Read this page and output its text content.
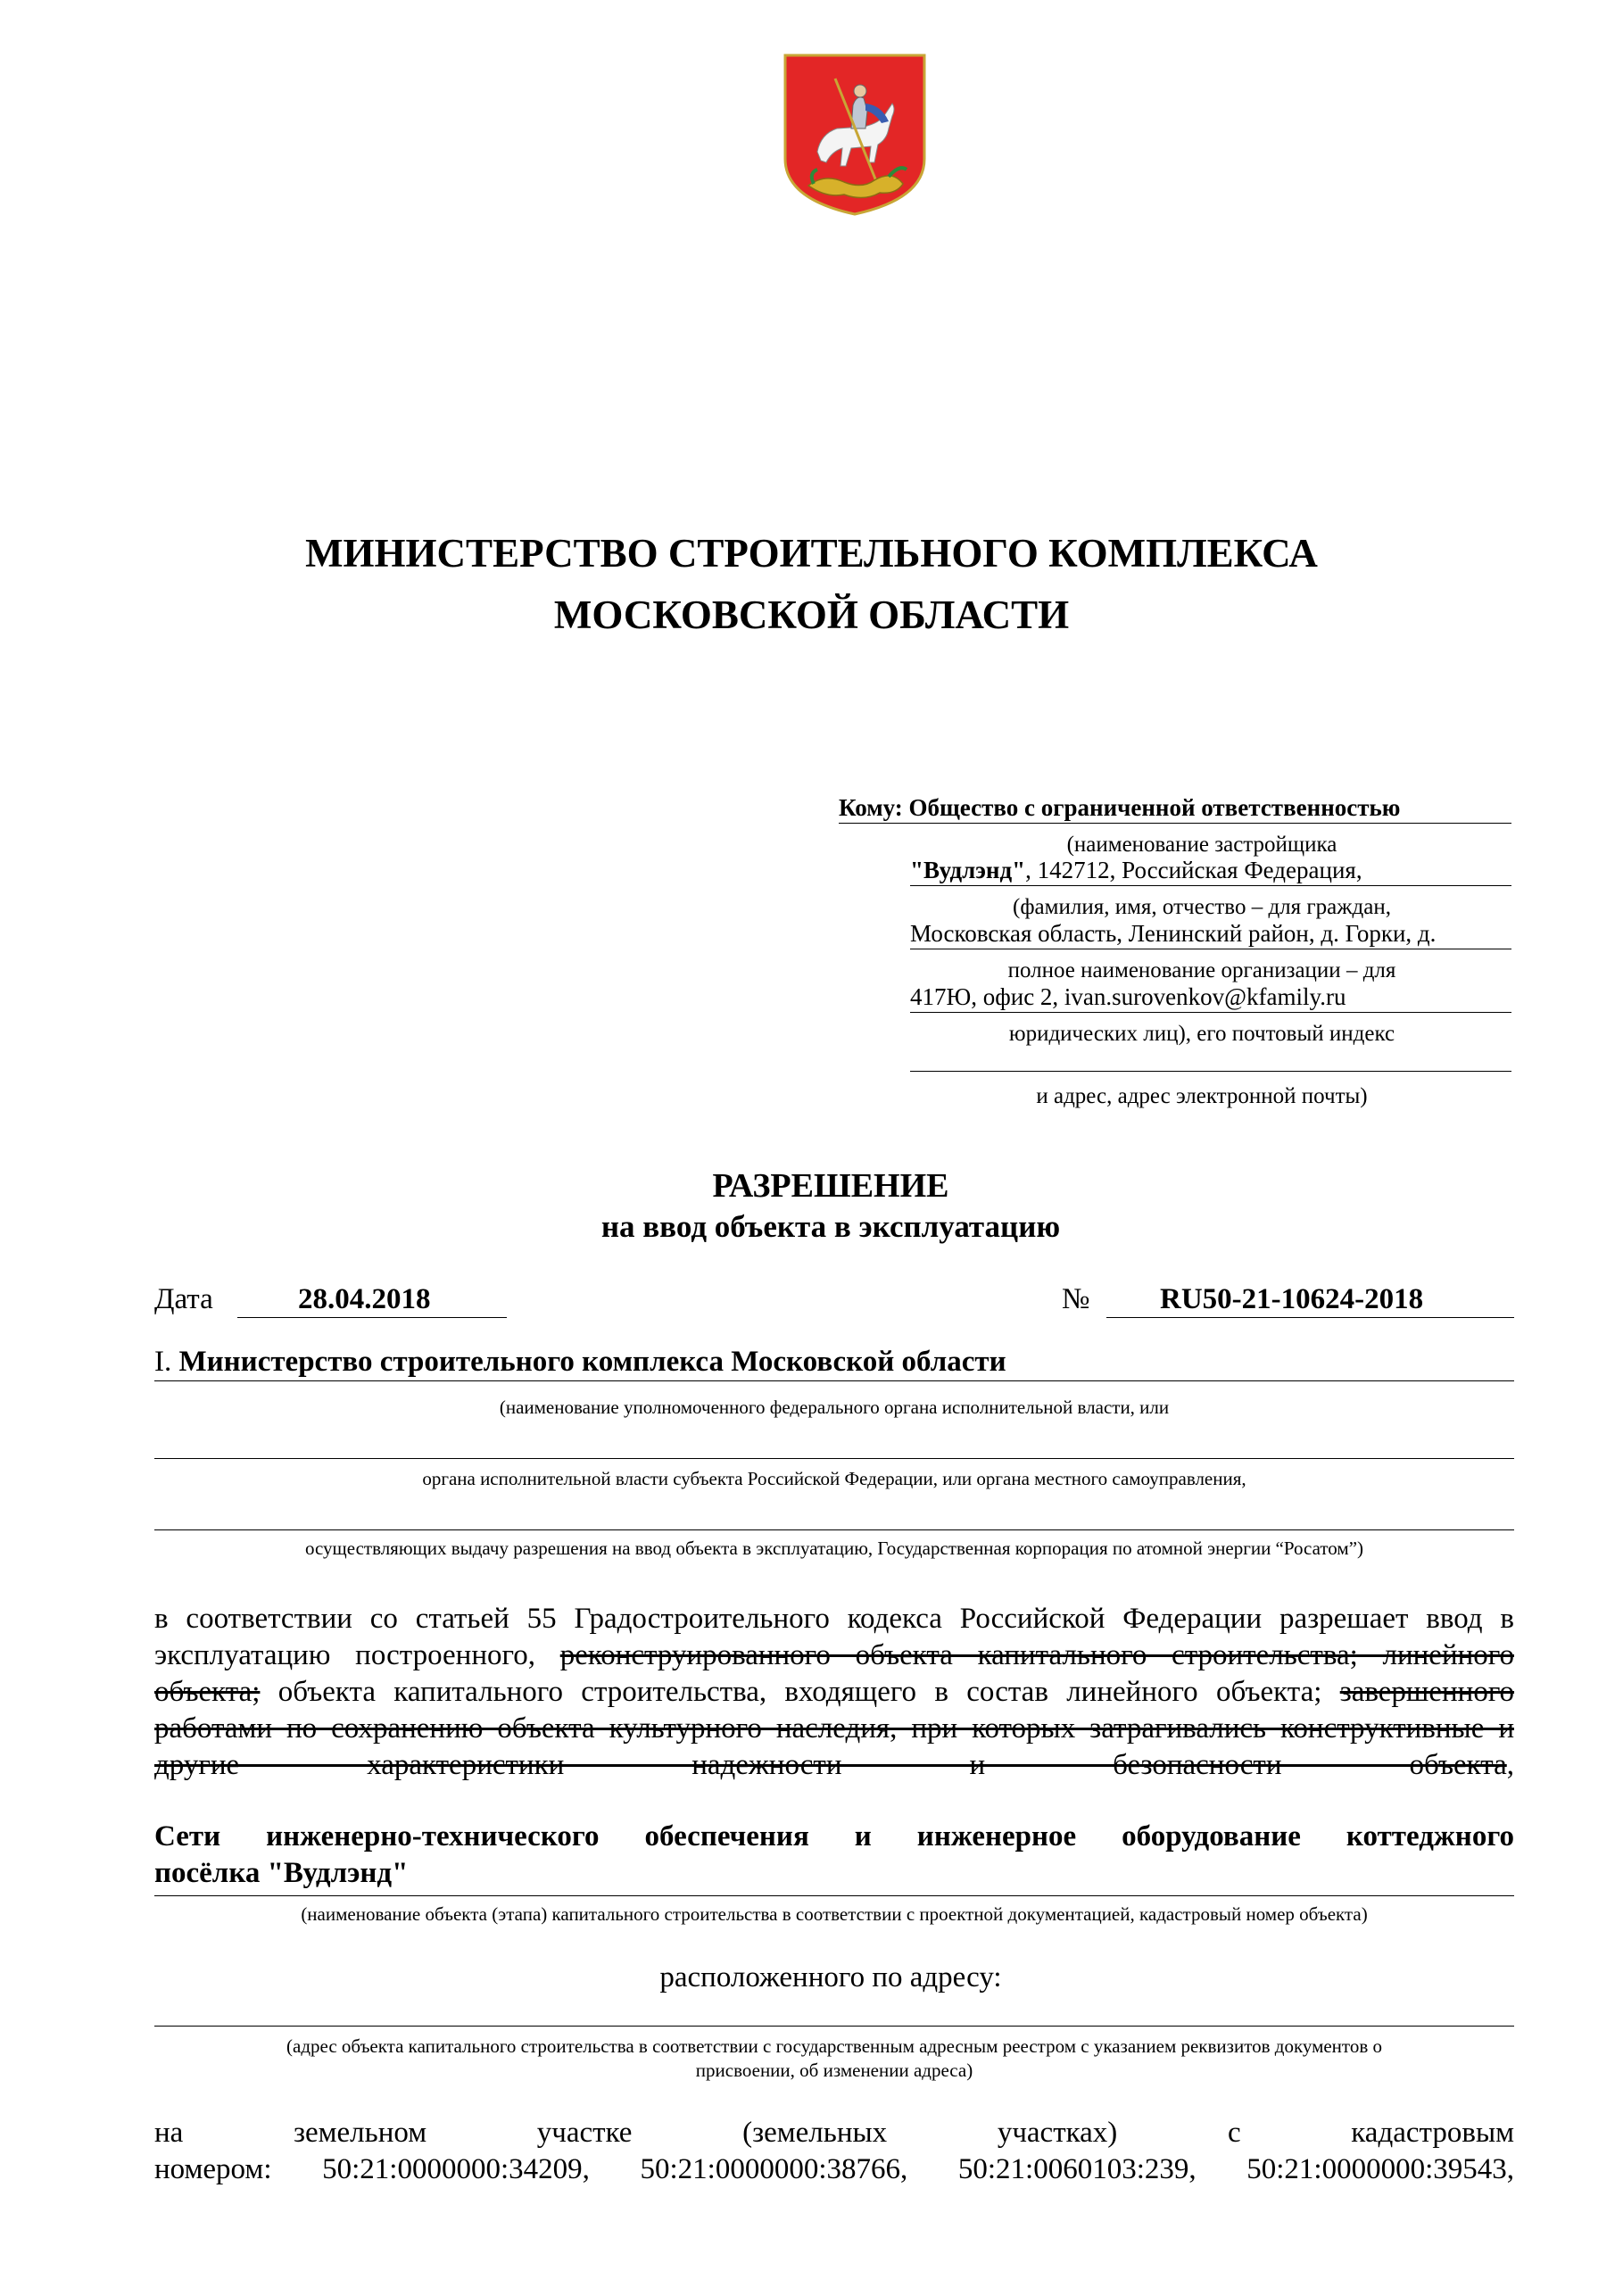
МИНИСТЕРСТВО СТРОИТЕЛЬНОГО КОМПЛЕКСА
МОСКОВСКОЙ ОБЛАСТИ
Кому: Общество с ограниченной ответственностью
(наименование застройщика
"Вудлэнд", 142712, Российская Федерация,
(фамилия, имя, отчество – для граждан,
Московская область, Ленинский район, д. Горки, д.
полное наименование организации – для
417Ю, офис 2, ivan.surovenkov@kfamily.ru
юридических лиц), его почтовый индекс
и адрес, адрес электронной почты)
РАЗРЕШЕНИЕ
на ввод объекта в эксплуатацию
Дата	28.04.2018	№	RU50-21-10624-2018
I. Министерство строительного комплекса Московской области
(наименование уполномоченного федерального органа исполнительной власти, или
органа исполнительной власти субъекта Российской Федерации, или органа местного самоуправления,
осуществляющих выдачу разрешения на ввод объекта в эксплуатацию, Государственная корпорация по атомной энергии “Росатом”)
в соответствии со статьей 55 Градостроительного кодекса Российской Федерации разрешает ввод в эксплуатацию построенного, реконструированного объекта капитального строительства; линейного объекта; объекта капитального строительства, входящего в состав линейного объекта; завершенного работами по сохранению объекта культурного наследия, при которых затрагивались конструктивные и другие характеристики надежности и безопасности объекта,
Сети инженерно-технического обеспечения и инженерное оборудование коттеджного
посёлка "Вудлэнд"
(наименование объекта (этапа) капитального строительства в соответствии с проектной документацией, кадастровый номер объекта)
расположенного по адресу:
(адрес объекта капитального строительства в соответствии с государственным адресным реестром с указанием реквизитов документов о
присвоении, об изменении адреса)
на земельном участке (земельных участках) с кадастровым
номером: 50:21:0000000:34209, 50:21:0000000:38766, 50:21:0060103:239, 50:21:0000000:39543,
